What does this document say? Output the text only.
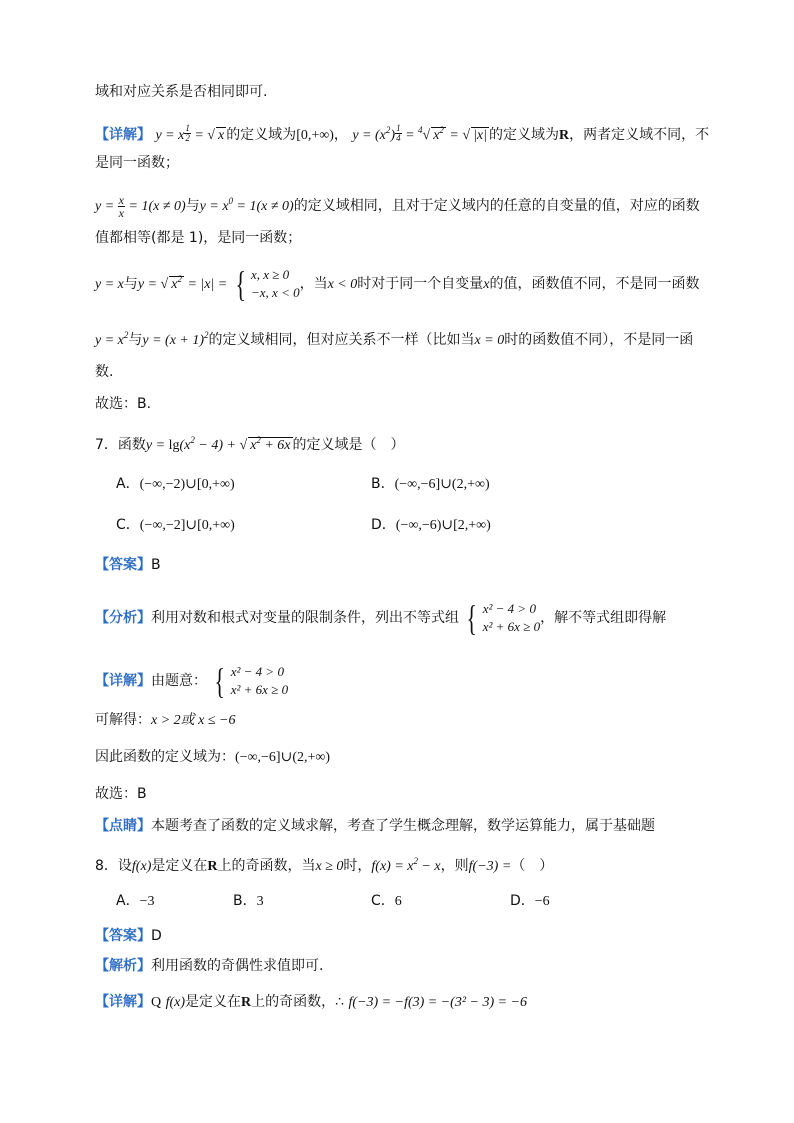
域和对应关系是否相同即可.
【详解】 y = x $\frac{1}{2}$ = √ x 的定义域为[0,+∞)， $y = (x^2) \frac{1}{4} = ^4√$ $x^2$ = √ |x| 的定义域为R，两者定义域不同，不
是同一函数；
$y = \frac{x}{x} = 1(x \ne 0)$与$y = x^0 = 1(x \ne 0)$的定义域相同，且对于定义域内的任意的自变量的值，对应的函数
值都相等(都是 1)，是同一函数；
y = x与y = √ $x^2 = |x|$ = { x, x ≥ 0
−x, x < 0
，当x < 0时对于同一个自变量x的值，函数值不同，不是同一函数
$y = x^2$与$y = (x + 1)^2$的定义域相同，但对应关系不一样（比如当x = 0时的函数值不同），不是同一函
数.
故选：B.
7．函数$y = \lg(x^2 - 4)$ + √ $x^2 + 6x$ 的定义域是（　）
A．(−∞,−2)∪[0,+∞)	B．(−∞,−6]∪(2,+∞)
C．(−∞,−2]∪[0,+∞)	D．(−∞,−6)∪[2,+∞)
【答案】B
【分析】利用对数和根式对变量的限制条件，列出不等式组 { x² − 4 > 0
x² + 6x ≥ 0
，解不等式组即得解
【详解】由题意： { x² − 4 > 0
x² + 6x ≥ 0
可解得：x > 2或 x ≤ −6
因此函数的定义域为：(−∞,−6]∪(2,+∞)
故选：B
【点睛】本题考查了函数的定义域求解，考查了学生概念理解，数学运算能力，属于基础题
8．设f(x)是定义在R上的奇函数，当x ≥ 0时，$f(x) = x^2 - x$，则f(−3) =（　）
A．−3	B．3	C．6	D．−6
【答案】D
【解析】利用函数的奇偶性求值即可.
【详解】Q f(x)是定义在R上的奇函数，∴ f(−3) = −f(3) = −(3² − 3) = −6
